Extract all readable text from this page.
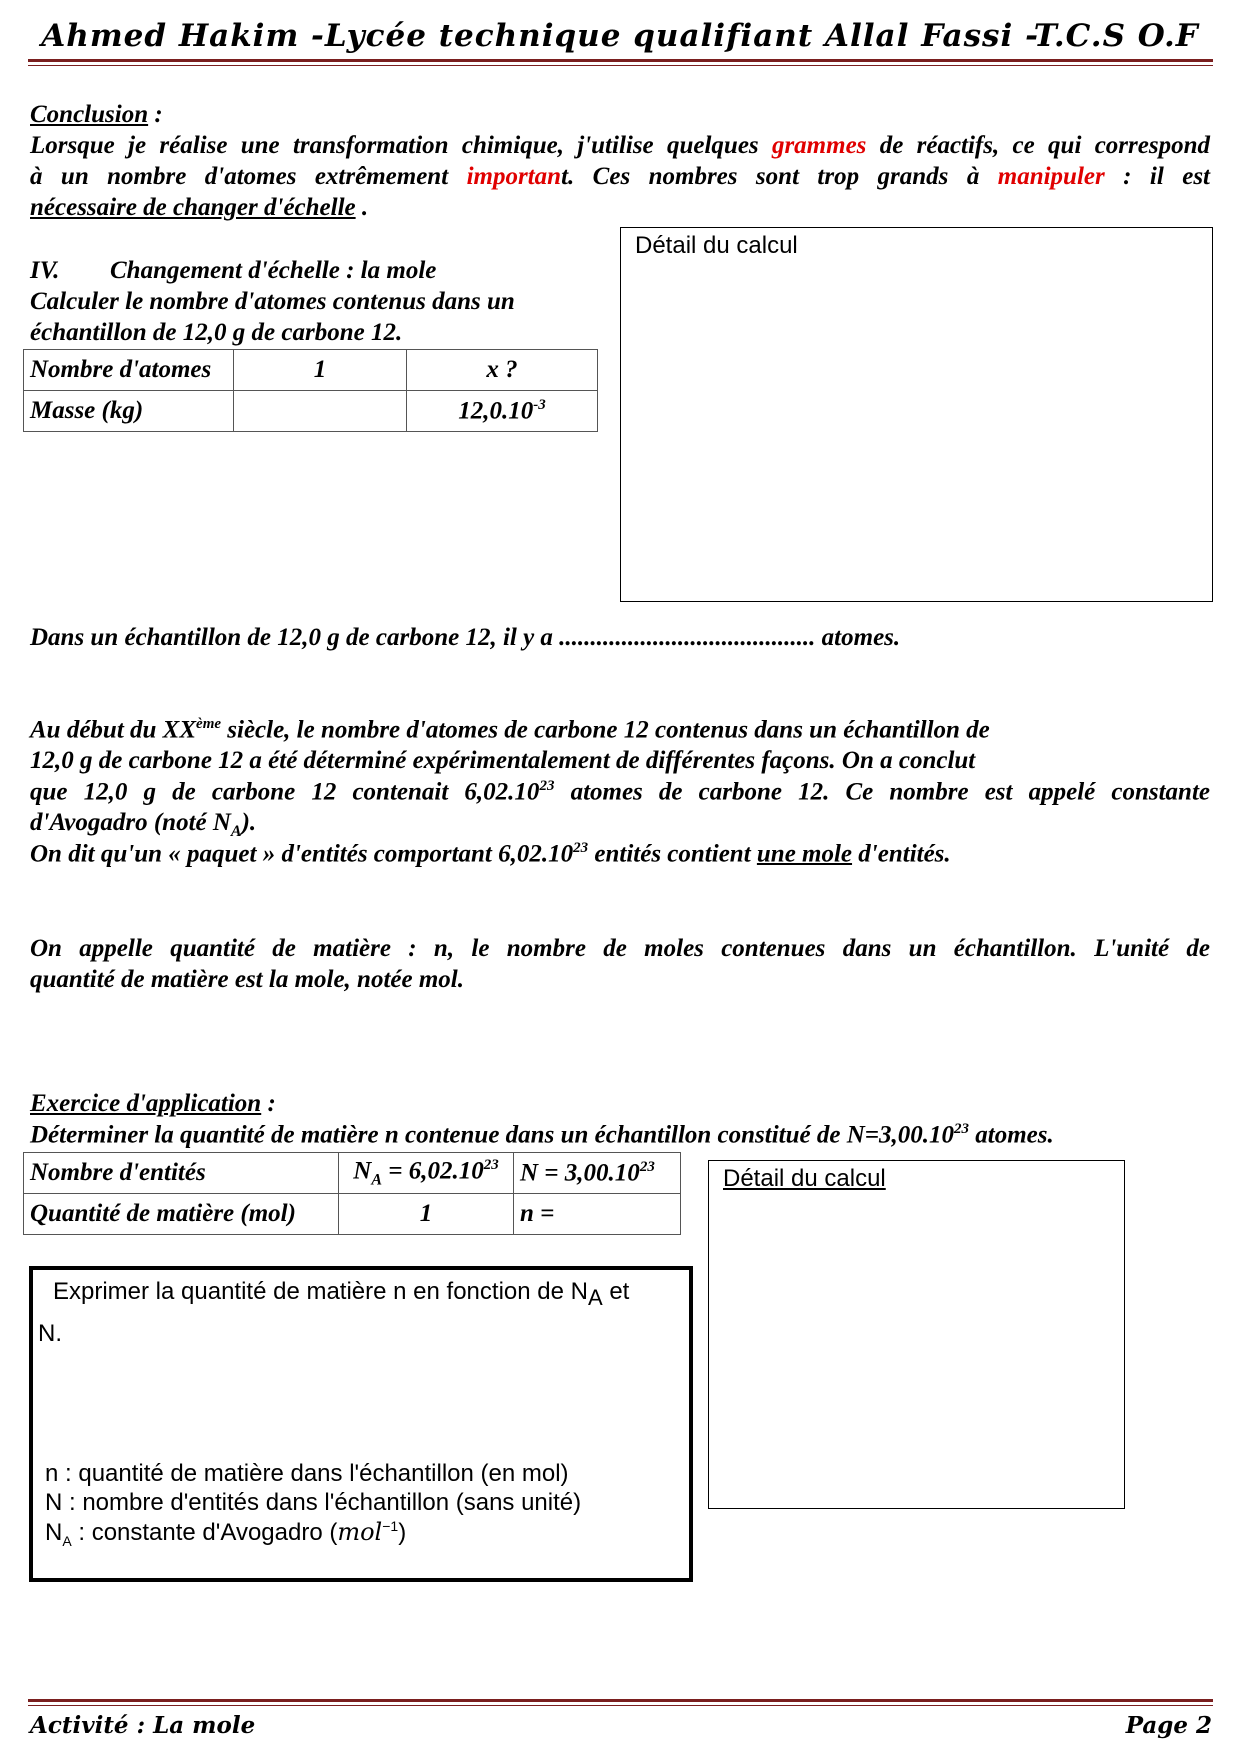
Ahmed Hakim -Lycée technique qualifiant Allal Fassi -T.C.S O.F
Conclusion :
Lorsque je réalise une transformation chimique, j'utilise quelques grammes de réactifs, ce qui correspond
à un nombre d'atomes extrêmement important. Ces nombres sont trop grands à manipuler : il est
nécessaire de changer d'échelle .
IV. Changement d'échelle : la mole
Calculer le nombre d'atomes contenus dans un
échantillon de 12,0 g de carbone 12.
Nombre d'atomes	1	x ?
Masse (kg)		$12,0.10^{-3}$
Détail du calcul
Dans un échantillon de 12,0 g de carbone 12, il y a ......................................... atomes.
Au début du XXème siècle, le nombre d'atomes de carbone 12 contenus dans un échantillon de
12,0 g de carbone 12 a été déterminé expérimentalement de différentes façons. On a conclut
que 12,0 g de carbone 12 contenait 6,02.10$^{23}$ atomes de carbone 12. Ce nombre est appelé constante
d'Avogadro (noté $N_A$).
On dit qu'un « paquet » d'entités comportant 6,02.10$^{23}$ entités contient une mole d'entités.
On appelle quantité de matière : n, le nombre de moles contenues dans un échantillon. L'unité de
quantité de matière est la mole, notée mol.
Exercice d'application :
Déterminer la quantité de matière n contenue dans un échantillon constitué de $N=3,00.10^{23}$ atomes.
Nombre d'entités	$N_A = 6,02.10^{23}$	$N = 3,00.10^{23}$
Quantité de matière (mol)	1	n =
Détail du calcul
Exprimer la quantité de matière n en fonction de $N_A$ et
N.
n : quantité de matière dans l'échantillon (en mol)
N : nombre d'entités dans l'échantillon (sans unité)
$N_A$ : constante d'Avogadro (mol$^{-1}$)
Activité : La mole	Page 2
